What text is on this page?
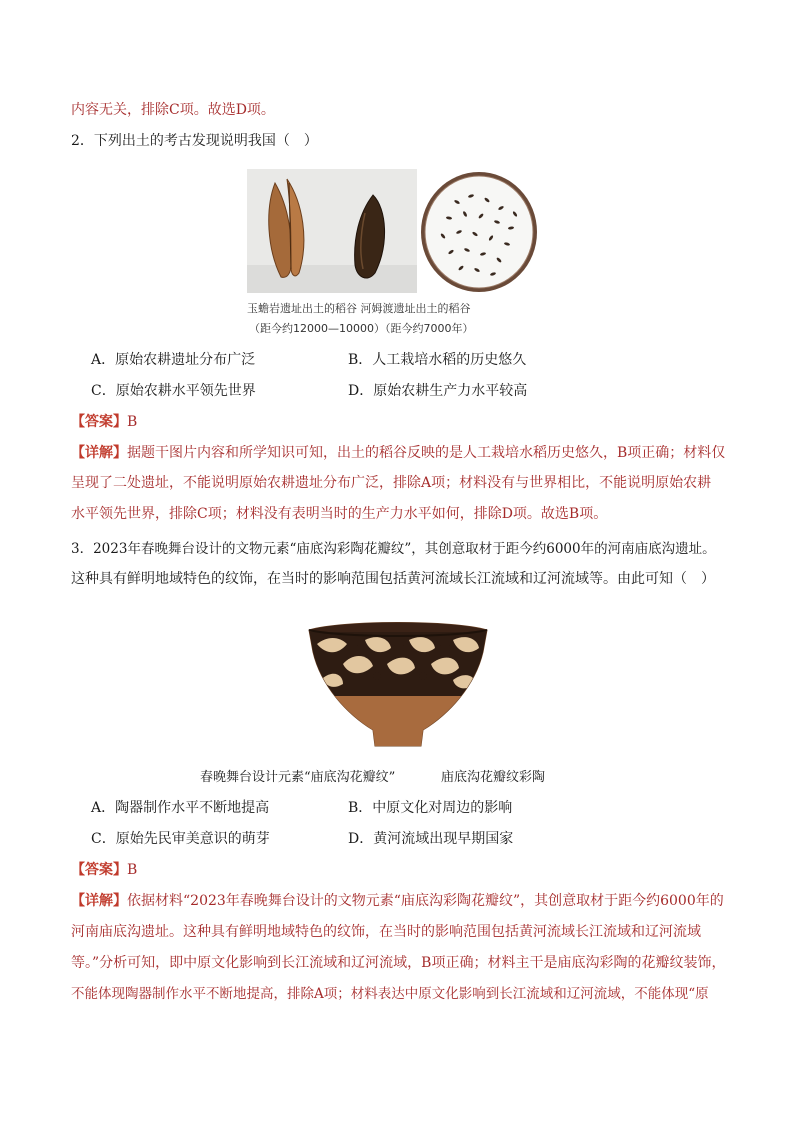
内容无关，排除C项。故选D项。
2．下列出土的考古发现说明我国（　）
玉蟾岩遗址出土的稻谷 河姆渡遗址出土的稻谷
（距今约12000—10000）（距今约7000年）
A．原始农耕遗址分布广泛	B．人工栽培水稻的历史悠久
C．原始农耕水平领先世界	D．原始农耕生产力水平较高
【答案】B
【详解】据题干图片内容和所学知识可知，出土的稻谷反映的是人工栽培水稻历史悠久，B项正确；材料仅
呈现了二处遗址，不能说明原始农耕遗址分布广泛，排除A项；材料没有与世界相比，不能说明原始农耕
水平领先世界，排除C项；材料没有表明当时的生产力水平如何，排除D项。故选B项。
3．2023年春晚舞台设计的文物元素“庙底沟彩陶花瓣纹”，其创意取材于距今约6000年的河南庙底沟遗址。
这种具有鲜明地域特色的纹饰，在当时的影响范围包括黄河流域长江流域和辽河流域等。由此可知（　）
春晚舞台设计元素“庙底沟花瓣纹”	庙底沟花瓣纹彩陶
A．陶器制作水平不断地提高	B．中原文化对周边的影响
C．原始先民审美意识的萌芽	D．黄河流域出现早期国家
【答案】B
【详解】依据材料“2023年春晚舞台设计的文物元素“庙底沟彩陶花瓣纹”，其创意取材于距今约6000年的
河南庙底沟遗址。这种具有鲜明地域特色的纹饰，在当时的影响范围包括黄河流域长江流域和辽河流域
等。”分析可知，即中原文化影响到长江流域和辽河流域，B项正确；材料主干是庙底沟彩陶的花瓣纹装饰，
不能体现陶器制作水平不断地提高，排除A项；材料表达中原文化影响到长江流域和辽河流域，不能体现“原
